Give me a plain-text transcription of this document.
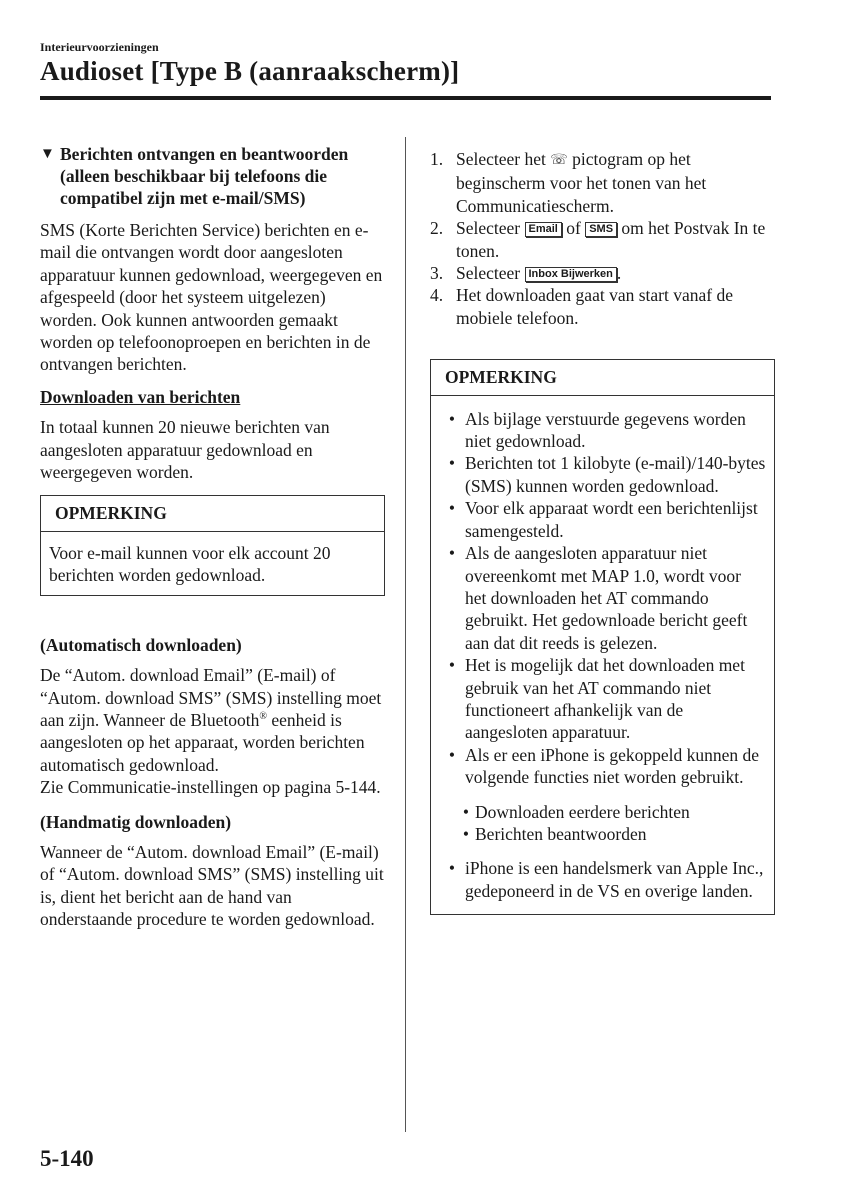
Interieurvoorzieningen
Audioset [Type B (aanraakscherm)]
▼ Berichten ontvangen en beantwoorden (alleen beschikbaar bij telefoons die compatibel zijn met e-mail/SMS)

SMS (Korte Berichten Service) berichten en e-mail die ontvangen wordt door aangesloten apparatuur kunnen gedownload, weergegeven en afgespeeld (door het systeem uitgelezen) worden. Ook kunnen antwoorden gemaakt worden op telefoonoproepen en berichten in de ontvangen berichten.

Downloaden van berichten

In totaal kunnen 20 nieuwe berichten van aangesloten apparatuur gedownload en weergegeven worden.

OPMERKING
Voor e-mail kunnen voor elk account 20 berichten worden gedownload.
(Automatisch downloaden)

De “Autom. download Email” (E-mail) of “Autom. download SMS” (SMS) instelling moet aan zijn. Wanneer de Bluetooth® eenheid is aangesloten op het apparaat, worden berichten automatisch gedownload.

Zie Communicatie-instellingen op pagina 5-144.

(Handmatig downloaden)

Wanneer de “Autom. download Email” (E-mail) of “Autom. download SMS” (SMS) instelling uit is, dient het bericht aan de hand van onderstaande procedure te worden gedownload.

1. Selecteer het ☏ pictogram op het beginscherm voor het tonen van het Communicatiescherm.
2. Selecteer Email of SMS om het Postvak In te tonen.
3. Selecteer Inbox Bijwerken .
4. Het downloaden gaat van start vanaf de mobiele telefoon.
OPMERKING
• Als bijlage verstuurde gegevens worden niet gedownload.
• Berichten tot 1 kilobyte (e-mail)/140-bytes (SMS) kunnen worden gedownload.
• Voor elk apparaat wordt een berichtenlijst samengesteld.
• Als de aangesloten apparatuur niet overeenkomt met MAP 1.0, wordt voor het downloaden het AT commando gebruikt. Het gedownloade bericht geeft aan dat dit reeds is gelezen.
• Het is mogelijk dat het downloaden met gebruik van het AT commando niet functioneert afhankelijk van de aangesloten apparatuur.
• Als er een iPhone is gekoppeld kunnen de volgende functies niet worden gebruikt.
• Downloaden eerdere berichten
• Berichten beantwoorden
• iPhone is een handelsmerk van Apple Inc., gedeponeerd in de VS en overige landen.
5-140
